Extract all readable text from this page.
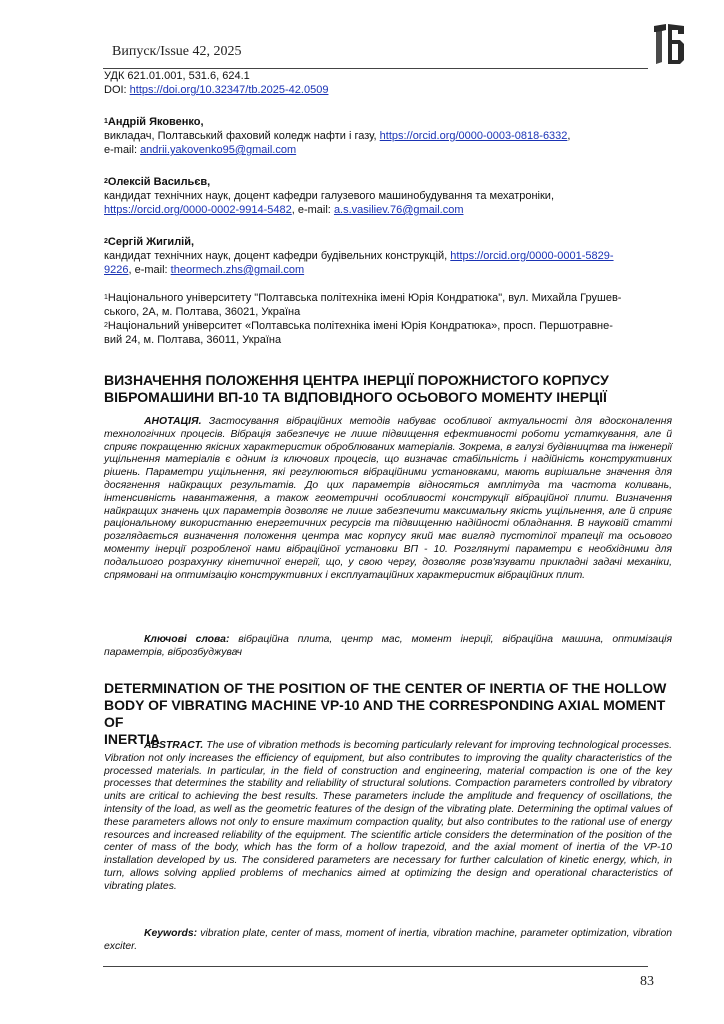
Випуск/Issue 42, 2025
УДК 621.01.001, 531.6, 624.1
DOI: https://doi.org/10.32347/tb.2025-42.0509
$^1$Андрій Яковенко,
викладач, Полтавський фаховий коледж нафти і газу, https://orcid.org/0000-0003-0818-6332,
e-mail: andrii.yakovenko95@gmail.com
$^2$Олексій Васильєв,
кандидат технічних наук, доцент кафедри галузевого машинобудування та мехатроніки,
https://orcid.org/0000-0002-9914-5482, e-mail: a.s.vasiliev.76@gmail.com
$^2$Сергій Жигилій,
кандидат технічних наук, доцент кафедри будівельних конструкцій, https://orcid.org/0000-0001-5829-
9226, e-mail: theormech.zhs@gmail.com
$^1$Національного університету "Полтавська політехніка імені Юрія Кондратюка", вул. Михайла Грушев-
ського, 2А, м. Полтава, 36021, Україна
$^2$Національний університет «Полтавська політехніка імені Юрія Кондратюка», просп. Першотравне-
вий 24, м. Полтава, 36011, Україна
ВИЗНАЧЕННЯ ПОЛОЖЕННЯ ЦЕНТРА ІНЕРЦІЇ ПОРОЖНИСТОГО КОРПУСУ
ВІБРОМАШИНИ ВП-10 ТА ВІДПОВІДНОГО ОСЬОВОГО МОМЕНТУ ІНЕРЦІЇ
АНОТАЦІЯ. Застосування вібраційних методів набуває особливої актуальності для вдосконалення технологічних процесів. Вібрація забезпечує не лише підвищення ефективності роботи устаткування, але й сприяє покращенню якісних характеристик оброблюваних матеріалів. Зокрема, в галузі будівництва та інженерії ущільнення матеріалів є одним із ключових процесів, що визначає стабільність і надійність конструктивних рішень. Параметри ущільнення, які регулюються вібраційними установками, мають вирішальне значення для досягнення найкращих результатів. До цих параметрів відносяться амплітуда та частота коливань, інтенсивність навантаження, а також геометричні особливості конструкції вібраційної плити. Визначення найкращих значень цих параметрів дозволяє не лише забезпечити максимальну якість ущільнення, але й сприяє раціональному використанню енергетичних ресурсів та підвищенню надійності обладнання. В науковій статті розглядається визначення положення центра мас корпусу який має вигляд пустотілої трапеції та осьового моменту інерції розробленої нами вібраційної установки ВП - 10. Розглянуті параметри є необхідними для подальшого розрахунку кінетичної енергії, що, у свою чергу, дозволяє розв'язувати прикладні задачі механіки, спрямовані на оптимізацію конструктивних і експлуатаційних характеристик вібраційних плит.
Ключові слова: вібраційна плита, центр мас, момент інерції, вібраційна машина, оптимізація параметрів, віброзбуджувач
DETERMINATION OF THE POSITION OF THE CENTER OF INERTIA OF THE HOLLOW
BODY OF VIBRATING MACHINE VP-10 AND THE CORRESPONDING AXIAL MOMENT OF
INERTIA
ABSTRACT. The use of vibration methods is becoming particularly relevant for improving technological processes. Vibration not only increases the efficiency of equipment, but also contributes to improving the quality characteristics of the processed materials. In particular, in the field of construction and engineering, material compaction is one of the key processes that determines the stability and reliability of structural solutions. Compaction parameters controlled by vibratory units are critical to achieving the best results. These parameters include the amplitude and frequency of oscillations, the intensity of the load, as well as the geometric features of the design of the vibrating plate. Determining the optimal values of these parameters allows not only to ensure maximum compaction quality, but also contributes to the rational use of energy resources and increased reliability of the equipment. The scientific article considers the determination of the position of the center of mass of the body, which has the form of a hollow trapezoid, and the axial moment of inertia of the VP-10 installation developed by us. The considered parameters are necessary for further calculation of kinetic energy, which, in turn, allows solving applied problems of mechanics aimed at optimizing the design and operational characteristics of vibrating plates.
Keywords: vibration plate, center of mass, moment of inertia, vibration machine, parameter optimization, vibration exciter.
83
